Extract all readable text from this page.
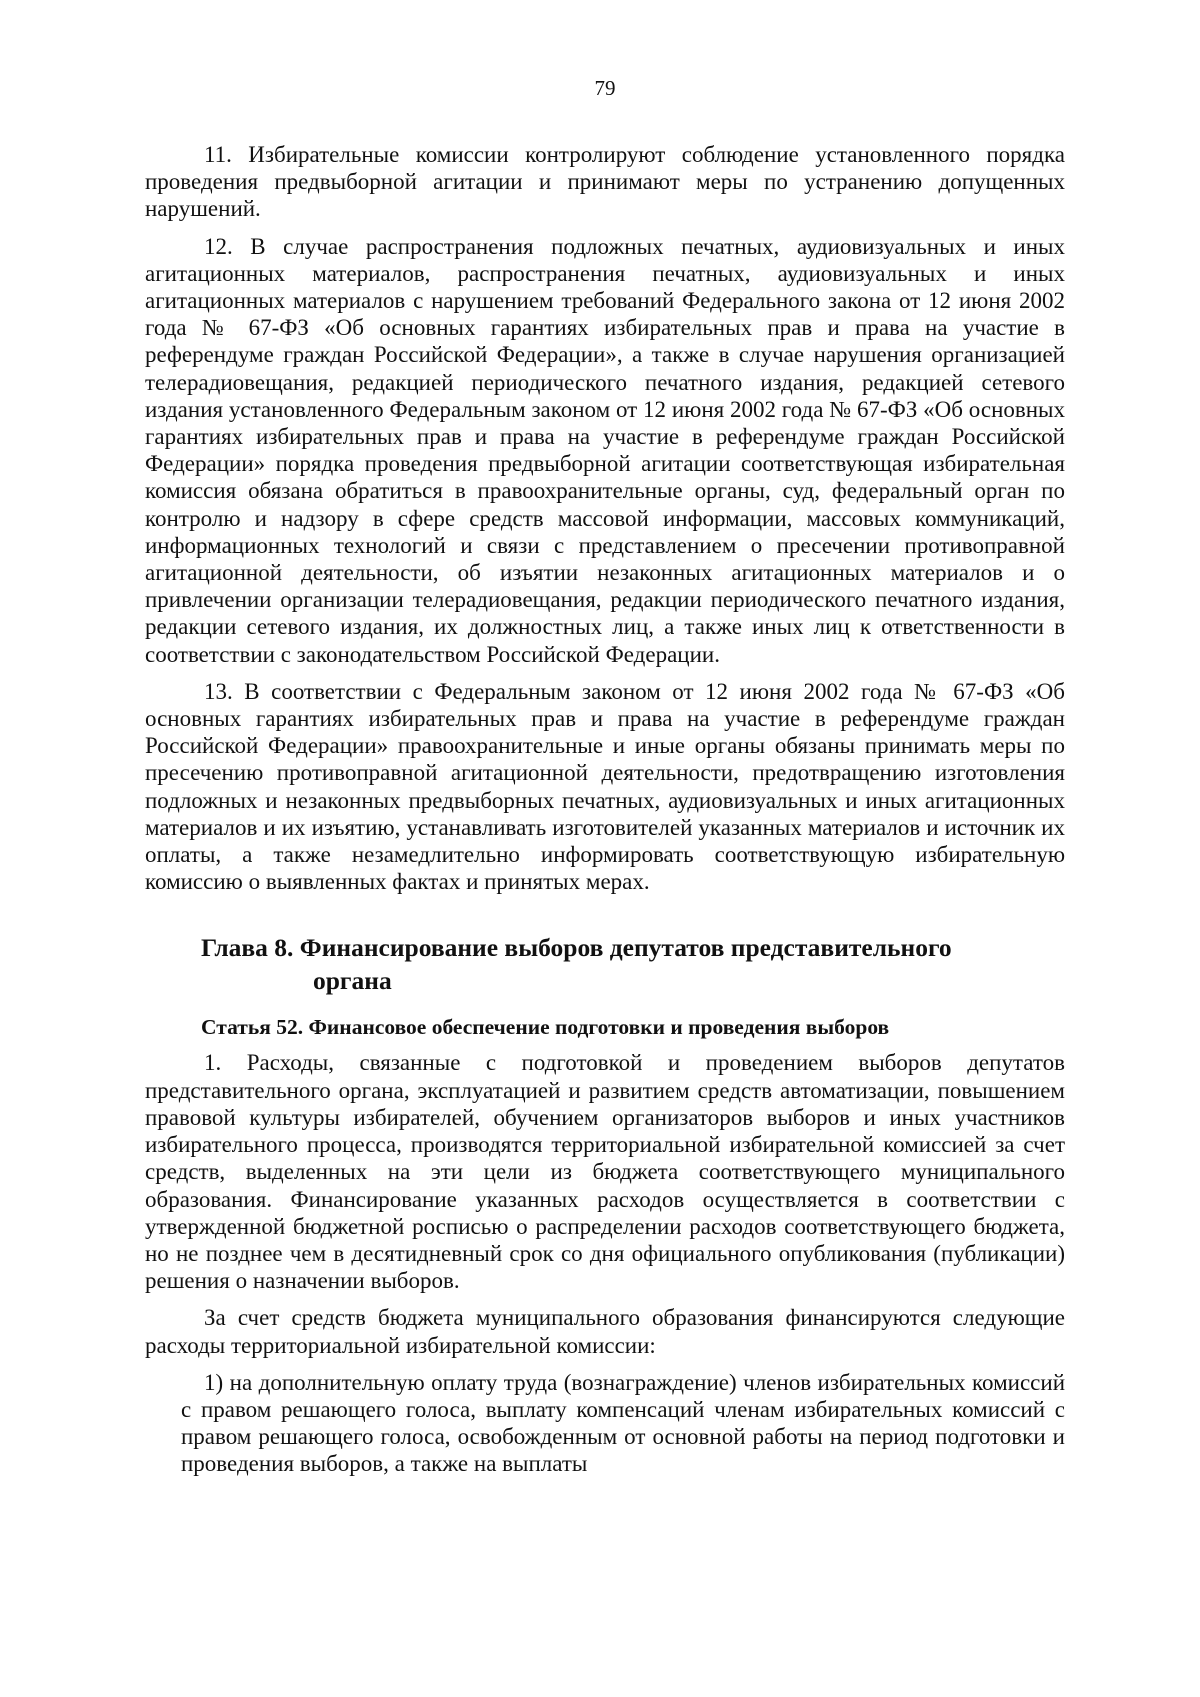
79

11. Избирательные комиссии контролируют соблюдение установленного порядка проведения предвыборной агитации и принимают меры по устранению допущенных нарушений.

12. В случае распространения подложных печатных, аудиовизуальных и иных агитационных материалов, распространения печатных, аудиовизуальных и иных агитационных материалов с нарушением требований Федерального закона от 12 июня 2002 года № 67-ФЗ «Об основных гарантиях избирательных прав и права на участие в референдуме граждан Российской Федерации», а также в случае нарушения организацией телерадиовещания, редакцией периодического печатного издания, редакцией сетевого издания установленного Федеральным законом от 12 июня 2002 года № 67-ФЗ «Об основных гарантиях избирательных прав и права на участие в референдуме граждан Российской Федерации» порядка проведения предвыборной агитации соответствующая избирательная комиссия обязана обратиться в правоохранительные органы, суд, федеральный орган по контролю и надзору в сфере средств массовой информации, массовых коммуникаций, информационных технологий и связи с представлением о пресечении противоправной агитационной деятельности, об изъятии незаконных агитационных материалов и о привлечении организации телерадиовещания, редакции периодического печатного издания, редакции сетевого издания, их должностных лиц, а также иных лиц к ответственности в соответствии с законодательством Российской Федерации.

13. В соответствии с Федеральным законом от 12 июня 2002 года № 67-ФЗ «Об основных гарантиях избирательных прав и права на участие в референдуме граждан Российской Федерации» правоохранительные и иные органы обязаны принимать меры по пресечению противоправной агитационной деятельности, предотвращению изготовления подложных и незаконных предвыборных печатных, аудиовизуальных и иных агитационных материалов и их изъятию, устанавливать изготовителей указанных материалов и источник их оплаты, а также незамедлительно информировать соответствующую избирательную комиссию о выявленных фактах и принятых мерах.

Глава 8. Финансирование выборов депутатов представительного
органа
Статья 52. Финансовое обеспечение подготовки и проведения выборов

1. Расходы, связанные с подготовкой и проведением выборов депутатов представительного органа, эксплуатацией и развитием средств автоматизации, повышением правовой культуры избирателей, обучением организаторов выборов и иных участников избирательного процесса, производятся территориальной избирательной комиссией за счет средств, выделенных на эти цели из бюджета соответствующего муниципального образования. Финансирование указанных расходов осуществляется в соответствии с утвержденной бюджетной росписью о распределении расходов соответствующего бюджета, но не позднее чем в десятидневный срок со дня официального опубликования (публикации) решения о назначении выборов.

За счет средств бюджета муниципального образования финансируются следующие расходы территориальной избирательной комиссии:

1) на дополнительную оплату труда (вознаграждение) членов избирательных комиссий с правом решающего голоса, выплату компенсаций членам избирательных комиссий с правом решающего голоса, освобожденным от основной работы на период подготовки и проведения выборов, а также на выплаты
